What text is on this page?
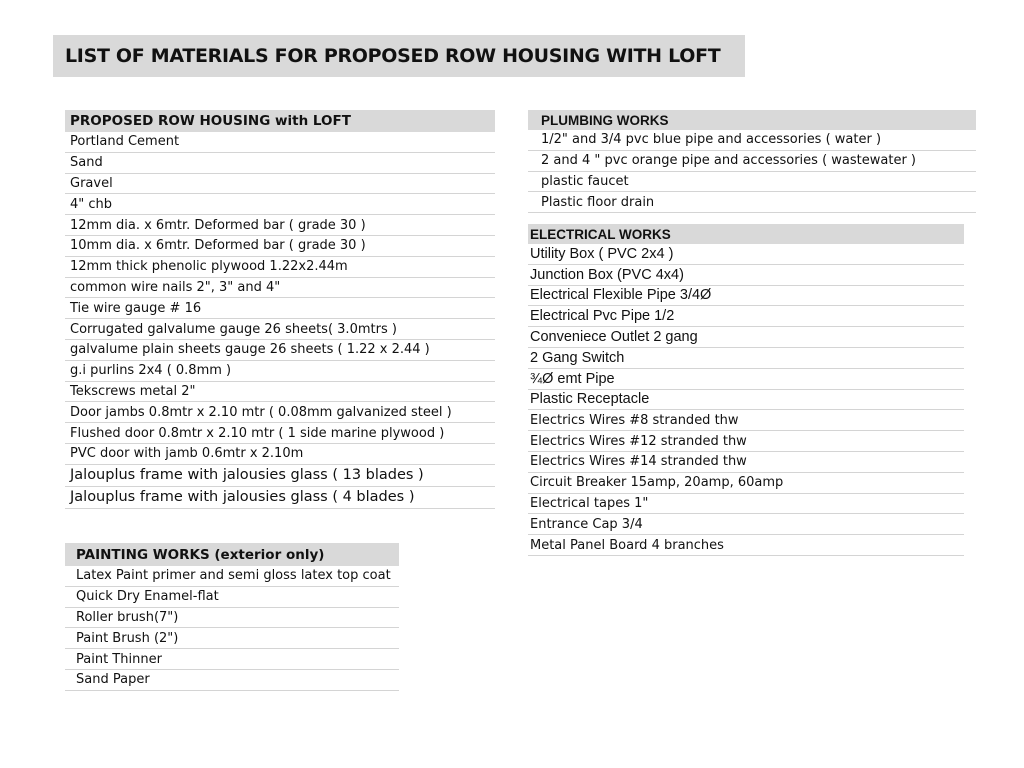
LIST OF MATERIALS FOR PROPOSED ROW HOUSING WITH LOFT
PROPOSED ROW HOUSING with LOFT
Portland Cement
Sand
Gravel
4" chb
12mm dia. x 6mtr. Deformed bar ( grade 30 )
10mm dia. x 6mtr. Deformed bar ( grade 30 )
12mm thick phenolic plywood 1.22x2.44m
common wire nails 2", 3" and 4"
Tie wire gauge # 16
Corrugated galvalume gauge 26 sheets( 3.0mtrs )
galvalume plain sheets gauge 26 sheets ( 1.22 x 2.44 )
g.i purlins 2x4 ( 0.8mm )
Tekscrews metal 2"
Door jambs 0.8mtr x 2.10 mtr ( 0.08mm galvanized steel )
Flushed door 0.8mtr x 2.10 mtr ( 1 side marine plywood )
PVC door with jamb 0.6mtr x 2.10m
Jalouplus frame with jalousies glass ( 13 blades )
Jalouplus frame with jalousies glass ( 4 blades )
PAINTING WORKS (exterior only)
Latex Paint primer and semi gloss latex top coat
Quick Dry Enamel-flat
Roller brush(7")
Paint Brush (2")
Paint Thinner
Sand Paper
PLUMBING WORKS
1/2" and 3/4 pvc blue pipe and accessories ( water )
2 and 4 " pvc orange pipe and accessories ( wastewater )
plastic faucet
Plastic floor drain
ELECTRICAL WORKS
Utility Box ( PVC 2x4 )
Junction Box (PVC 4x4)
Electrical Flexible Pipe 3/4Ø
Electrical Pvc Pipe 1/2
Conveniece Outlet 2 gang
2 Gang Switch
¾Ø emt Pipe
Plastic Receptacle
Electrics Wires #8 stranded thw
Electrics Wires #12 stranded thw
Electrics Wires #14 stranded thw
Circuit Breaker 15amp, 20amp, 60amp
Electrical tapes 1"
Entrance Cap 3/4
Metal Panel Board 4 branches
